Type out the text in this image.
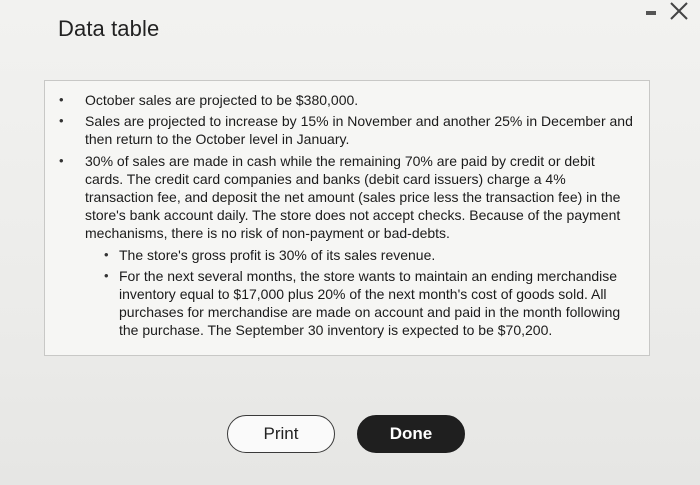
Data table
• October sales are projected to be $380,000.
• Sales are projected to increase by 15% in November and another 25% in December and then return to the October level in January.
• 30% of sales are made in cash while the remaining 70% are paid by credit or debit cards. The credit card companies and banks (debit card issuers) charge a 4% transaction fee, and deposit the net amount (sales price less the transaction fee) in the store's bank account daily. The store does not accept checks. Because of the payment mechanisms, there is no risk of non-payment or bad-debts.
• The store's gross profit is 30% of its sales revenue.
• For the next several months, the store wants to maintain an ending merchandise inventory equal to $17,000 plus 20% of the next month's cost of goods sold. All purchases for merchandise are made on account and paid in the month following the purchase. The September 30 inventory is expected to be $70,200.
Print	Done
